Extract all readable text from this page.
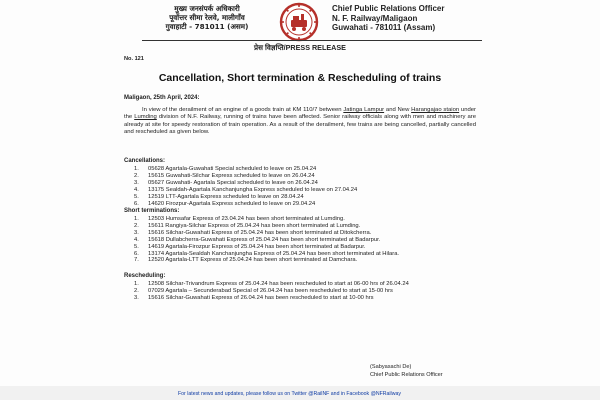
मुख्य जनसंपर्क अधिकारी
पूर्वोत्तर सीमा रेलवे, मालीगाँव
गुवाहाटी - 781011 (असम)
Chief Public Relations Officer
N. F. Railway/Maligaon
Guwahati - 781011 (Assam)
प्रेस विज्ञप्ति/PRESS RELEASE
No. 121
Cancellation, Short termination & Rescheduling of trains
Maligaon, 25th April, 2024:
In view of the derailment of an engine of a goods train at KM 110/7 between Jatinga Lampur and New Harangajao staion under the Lumding division of N.F. Railway, running of trains have been affected. Senior railway officials along with men and machinery are already at site for speedy restoration of train operation. As a result of the derailment, few trains are being cancelled, partially cancelled and rescheduled as given below.
Cancellations:
1.	05628 Agartala-Guwahati Special scheduled to leave on 25.04.24
2.	15615 Guwahati-Silchar Express scheduled to leave on 26.04.24
3.	05627 Guwahati- Agartala Special scheduled to leave on 26.04.24
4.	13175 Sealdah-Agartala Kanchanjungha Express scheduled to leave on 27.04.24
5.	12519 LTT-Agartala Express scheduled to leave on 28.04.24
6.	14620 Firozpur-Agartala Express scheduled to leave on 29.04.24
Short terminations:
1.	12503 Humsafar Express of 23.04.24 has been short terminated at Lumding.
2.	15611 Rangiya-Silchar Express of 25.04.24 has been short terminated at Lumding.
3.	15616 Silchar-Guwahati Express of 25.04.24 has been short terminated at Ditokcherra.
4.	15618 Dullabcherra-Guwahati Express of 25.04.24 has been short terminated at Badarpur.
5.	14619 Agartala-Firozpur Express of 25.04.24 has been short terminated at Badarpur.
6.	13174 Agartala-Sealdah Kanchanjungha Express of 25.04.24 has been short terminated at Hilara.
7.	12520 Agartala-LTT Express of 25.04.24 has been short terminated at Damchara.
Rescheduling:
1.	12508 Silchar-Trivandrum Express of 25.04.24 has been rescheduled to start at 06-00 hrs of 26.04.24
2.	07029 Agartala – Secunderabad Special of 26.04.24 has been rescheduled to start at 15-00 hrs
3.	15616 Silchar-Guwahati Express of 26.04.24 has been rescheduled to start at 10-00 hrs
(Sabyasachi De)
Chief Public Relations Officer
For latest news and updates, please follow us on Twitter @RailNF and in Facebook @NFRailway
